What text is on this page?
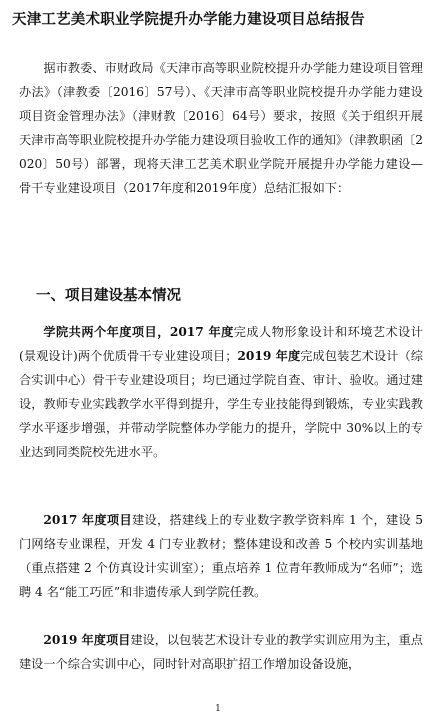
天津工艺美术职业学院提升办学能力建设项目总结报告

据市教委、市财政局《天津市高等职业院校提升办学能力建设项目管理办法》（津教委〔2016〕57号）、《天津市高等职业院校提升办学能力建设项目资金管理办法》（津财教〔2016〕64号）要求，按照《关于组织开展天津市高等职业院校提升办学能力建设项目验收工作的通知》（津教职函〔2020〕50号）部署，现将天津工艺美术职业学院开展提升办学能力建设—骨干专业建设项目（2017年度和2019年度）总结汇报如下：

一、项目建设基本情况

学院共两个年度项目，2017 年度完成人物形象设计和环境艺术设计(景观设计)两个优质骨干专业建设项目；2019 年度完成包装艺术设计（综合实训中心）骨干专业建设项目；均已通过学院自查、审计、验收。通过建设，教师专业实践教学水平得到提升，学生专业技能得到锻炼，专业实践教学水平逐步增强，并带动学院整体办学能力的提升，学院中 30%以上的专业达到同类院校先进水平。

2017 年度项目建设，搭建线上的专业数字教学资料库 1 个，建设 5 门网络专业课程，开发 4 门专业教材；整体建设和改善 5 个校内实训基地（重点搭建 2 个仿真设计实训室）；重点培养 1 位青年教师成为“名师”；选聘 4 名“能工巧匠”和非遗传承人到学院任教。

2019 年度项目建设，以包装艺术设计专业的教学实训应用为主，重点建设一个综合实训中心，同时针对高职扩招工作增加设备设施，

1
